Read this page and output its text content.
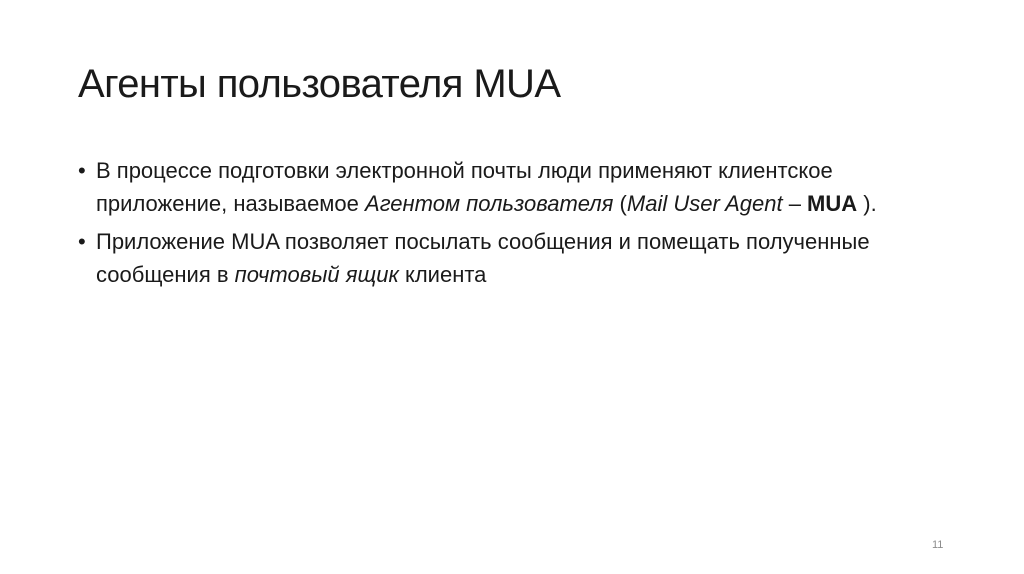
Агенты пользователя MUA
• В процессе подготовки электронной почты люди применяют клиентское приложение, называемое Агентом пользователя (Mail User Agent – MUA ).
• Приложение MUA позволяет посылать сообщения и помещать полученные сообщения в почтовый ящик клиента
11
